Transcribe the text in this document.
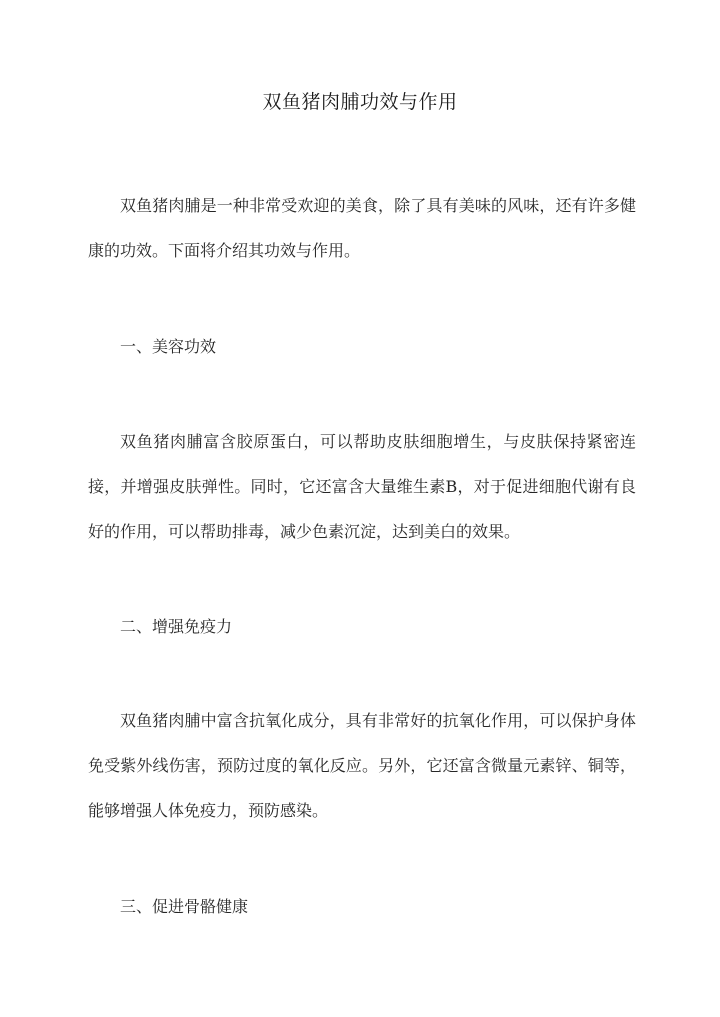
双鱼猪肉脯功效与作用

双鱼猪肉脯是一种非常受欢迎的美食，除了具有美味的风味，还有许多健康的功效。下面将介绍其功效与作用。

一、美容功效

双鱼猪肉脯富含胶原蛋白，可以帮助皮肤细胞增生，与皮肤保持紧密连接，并增强皮肤弹性。同时，它还富含大量维生素B，对于促进细胞代谢有良好的作用，可以帮助排毒，减少色素沉淀，达到美白的效果。

二、增强免疫力

双鱼猪肉脯中富含抗氧化成分，具有非常好的抗氧化作用，可以保护身体免受紫外线伤害，预防过度的氧化反应。另外，它还富含微量元素锌、铜等，能够增强人体免疫力，预防感染。

三、促进骨骼健康
